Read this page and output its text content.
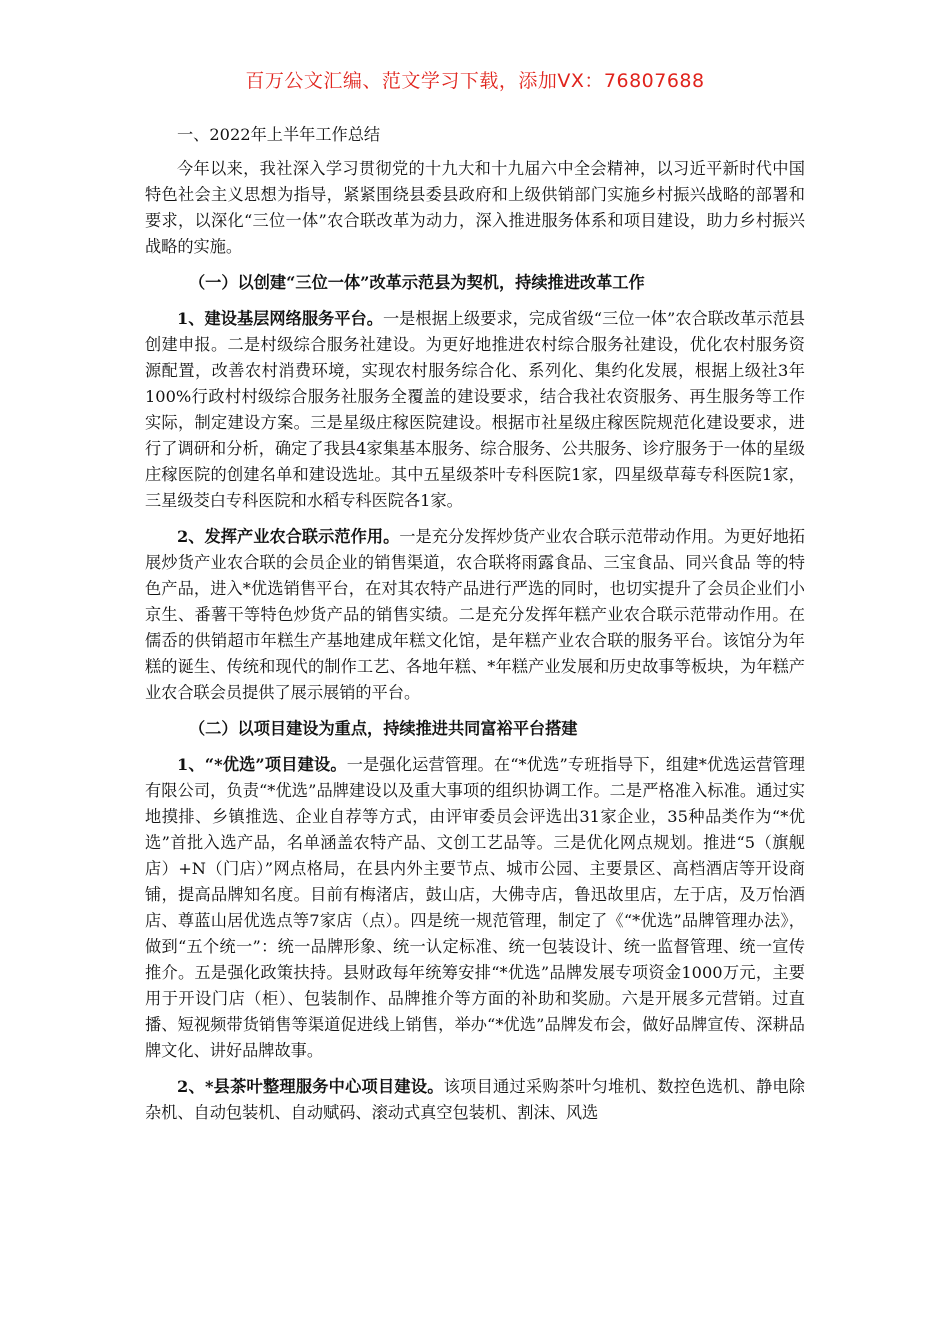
百万公文汇编、范文学习下载，添加VX：76807688

一、2022年上半年工作总结

今年以来，我社深入学习贯彻党的十九大和十九届六中全会精神，以习近平新时代中国特色社会主义思想为指导，紧紧围绕县委县政府和上级供销部门实施乡村振兴战略的部署和要求，以深化“三位一体”农合联改革为动力，深入推进服务体系和项目建设，助力乡村振兴战略的实施。

（一）以创建“三位一体”改革示范县为契机，持续推进改革工作

1、建设基层网络服务平台。一是根据上级要求，完成省级“三位一体”农合联改革示范县创建申报。二是村级综合服务社建设。为更好地推进农村综合服务社建设，优化农村服务资源配置，改善农村消费环境，实现农村服务综合化、系列化、集约化发展，根据上级社3年100%行政村村级综合服务社服务全覆盖的建设要求，结合我社农资服务、再生服务等工作实际，制定建设方案。三是星级庄稼医院建设。根据市社星级庄稼医院规范化建设要求，进行了调研和分析，确定了我县4家集基本服务、综合服务、公共服务、诊疗服务于一体的星级庄稼医院的创建名单和建设选址。其中五星级茶叶专科医院1家，四星级草莓专科医院1家，三星级茭白专科医院和水稻专科医院各1家。

2、发挥产业农合联示范作用。一是充分发挥炒货产业农合联示范带动作用。为更好地拓展炒货产业农合联的会员企业的销售渠道，农合联将雨露食品、三宝食品、同兴食品 等的特色产品，进入*优选销售平台，在对其农特产品进行严选的同时，也切实提升了会员企业们小京生、番薯干等特色炒货产品的销售实绩。二是充分发挥年糕产业农合联示范带动作用。在儒岙的供销超市年糕生产基地建成年糕文化馆，是年糕产业农合联的服务平台。该馆分为年糕的诞生、传统和现代的制作工艺、各地年糕、*年糕产业发展和历史故事等板块，为年糕产业农合联会员提供了展示展销的平台。

（二）以项目建设为重点，持续推进共同富裕平台搭建

1、“*优选”项目建设。一是强化运营管理。在“*优选”专班指导下，组建*优选运营管理有限公司，负责“*优选”品牌建设以及重大事项的组织协调工作。二是严格准入标准。通过实地摸排、乡镇推选、企业自荐等方式，由评审委员会评选出31家企业，35种品类作为“*优选”首批入选产品，名单涵盖农特产品、文创工艺品等。三是优化网点规划。推进“5（旗舰店）+N（门店）”网点格局，在县内外主要节点、城市公园、主要景区、高档酒店等开设商铺，提高品牌知名度。目前有梅渚店，鼓山店，大佛寺店，鲁迅故里店，左于店，及万怡酒店、尊蓝山居优选点等7家店（点）。四是统一规范管理，制定了《“*优选”品牌管理办法》，做到“五个统一”：统一品牌形象、统一认定标准、统一包装设计、统一监督管理、统一宣传推介。五是强化政策扶持。县财政每年统筹安排“*优选”品牌发展专项资金1000万元，主要用于开设门店（柜）、包装制作、品牌推介等方面的补助和奖励。六是开展多元营销。过直播、短视频带货销售等渠道促进线上销售，举办“*优选”品牌发布会，做好品牌宣传、深耕品牌文化、讲好品牌故事。

2、*县茶叶整理服务中心项目建设。该项目通过采购茶叶匀堆机、数控色选机、静电除杂机、自动包装机、自动赋码、滚动式真空包装机、割沫、风选
